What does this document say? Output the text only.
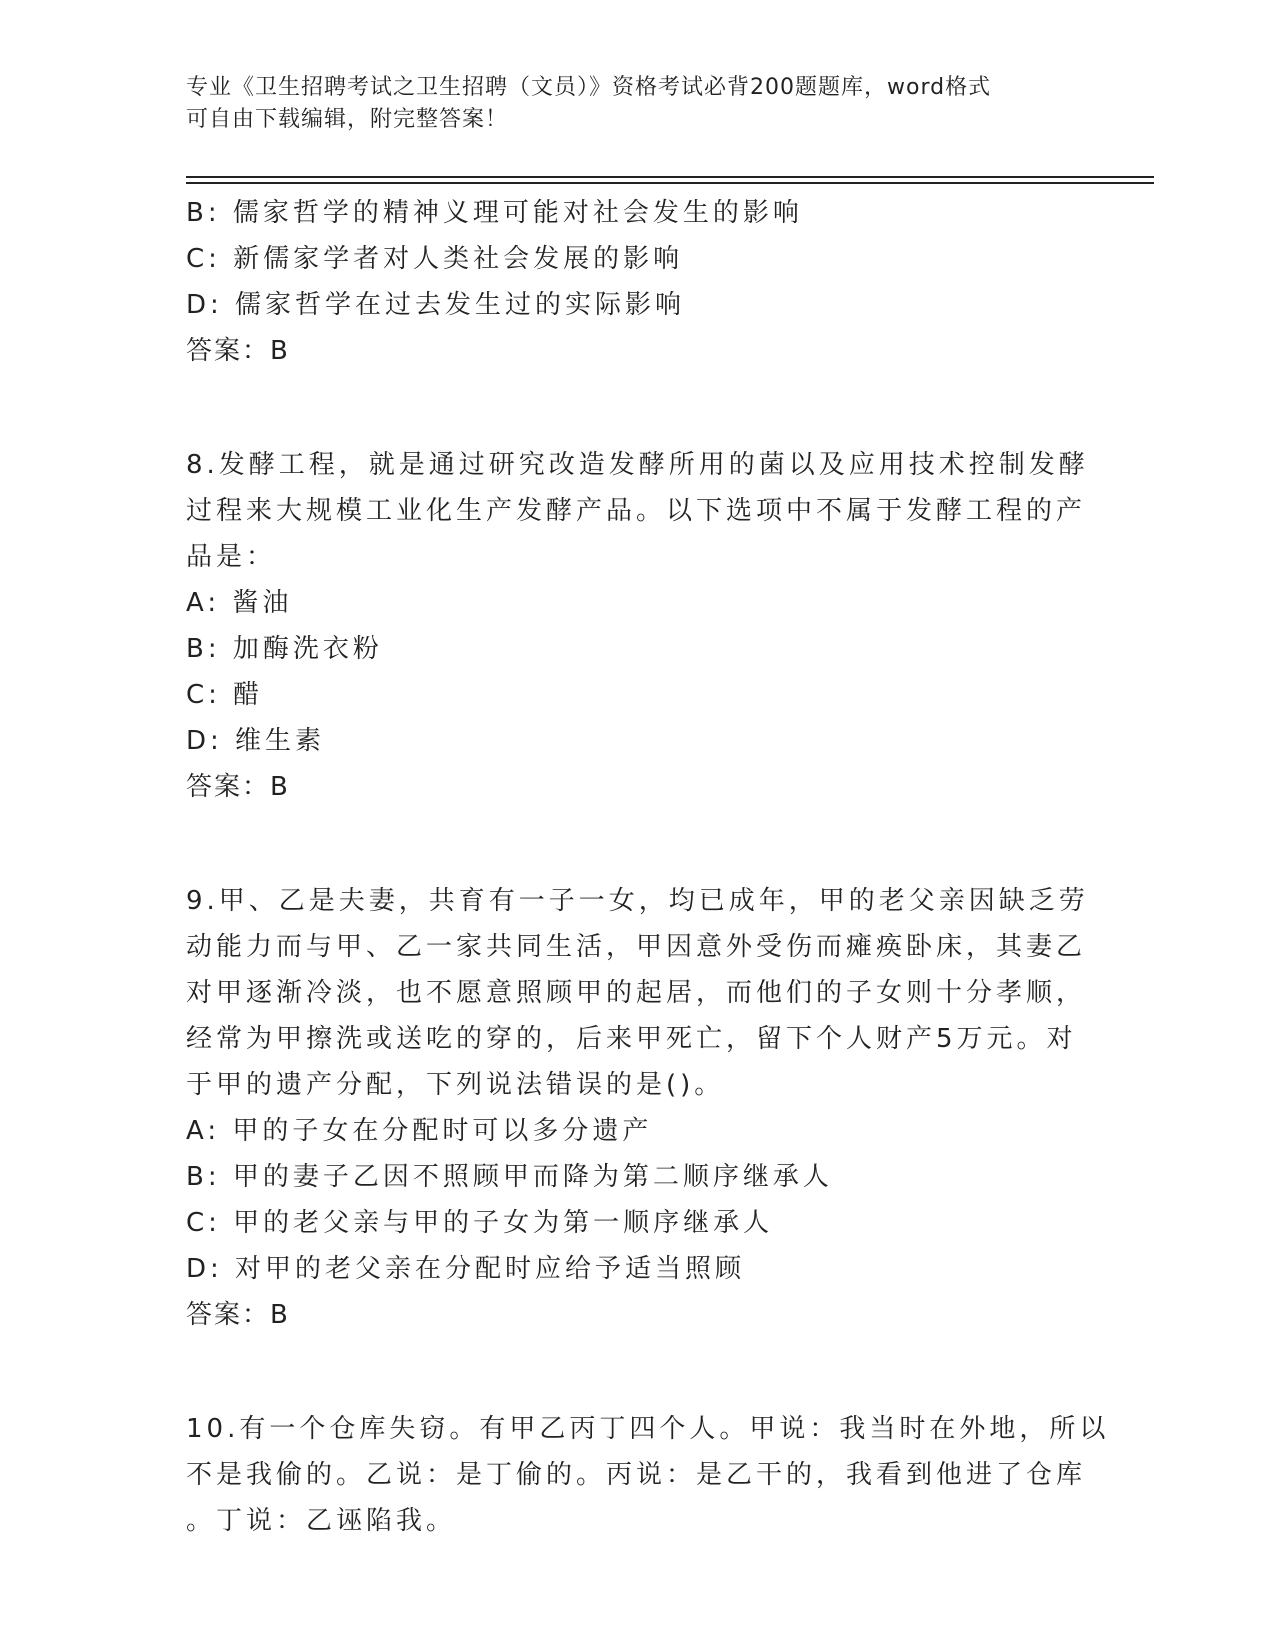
专业《卫生招聘考试之卫生招聘（文员）》资格考试必背200题题库，word格式
可自由下载编辑，附完整答案！
B: 儒家哲学的精神义理可能对社会发生的影响
C: 新儒家学者对人类社会发展的影响
D: 儒家哲学在过去发生过的实际影响
答案：B
8.发酵工程，就是通过研究改造发酵所用的菌以及应用技术控制发酵
过程来大规模工业化生产发酵产品。以下选项中不属于发酵工程的产
品是：
A: 酱油
B: 加酶洗衣粉
C: 醋
D: 维生素
答案：B
9.甲、乙是夫妻，共育有一子一女，均已成年，甲的老父亲因缺乏劳
动能力而与甲、乙一家共同生活，甲因意外受伤而瘫痪卧床，其妻乙
对甲逐渐冷淡，也不愿意照顾甲的起居，而他们的子女则十分孝顺，
经常为甲擦洗或送吃的穿的，后来甲死亡，留下个人财产5万元。对
于甲的遗产分配，下列说法错误的是()。
A: 甲的子女在分配时可以多分遗产
B: 甲的妻子乙因不照顾甲而降为第二顺序继承人
C: 甲的老父亲与甲的子女为第一顺序继承人
D: 对甲的老父亲在分配时应给予适当照顾
答案：B
10.有一个仓库失窃。有甲乙丙丁四个人。甲说：我当时在外地，所以
不是我偷的。乙说：是丁偷的。丙说：是乙干的，我看到他进了仓库
。丁说：乙诬陷我。
